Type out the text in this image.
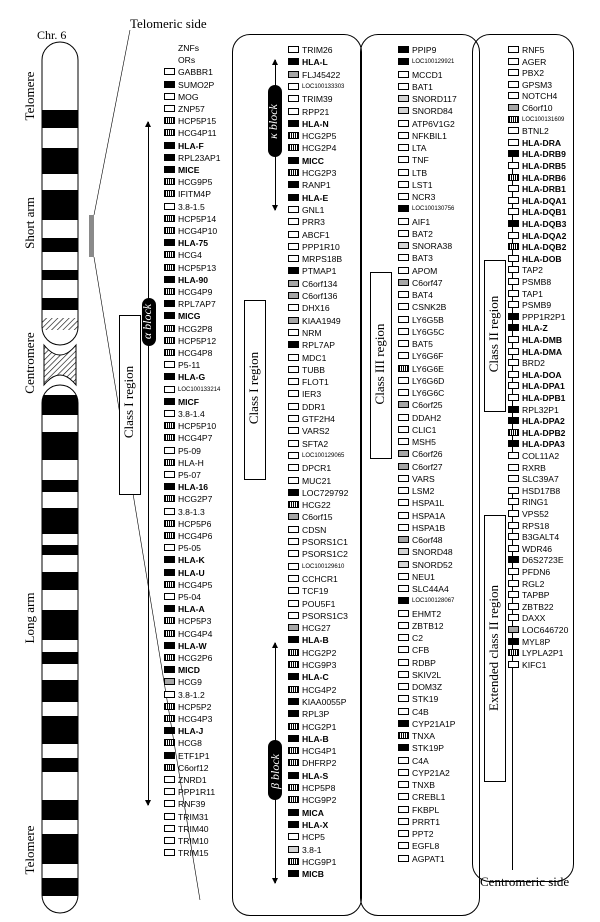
Chr. 6
Telomere
Short arm
Centromere
Long arm
Telomere
Telomeric side
Centromeric side
Class I region	Class I region	Class III region	Class II region
Extended class II region
α block
κ block
β block
ZNFs
ORs
GABBR1
SUMO2P
MOG
ZNP57
HCP5P15
HCG4P11
HLA-F
RPL23AP1
MICE
HCG9P5
IFITM4P
3.8-1.5
HCP5P14
HCG4P10
HLA-75
HCG4
HCP5P13
HLA-90
HCG4P9
RPL7AP7
MICG
HCG2P8
HCP5P12
HCG4P8
P5-11
HLA-G
LOC100133214
MICF
3.8-1.4
HCP5P10
HCG4P7
P5-09
HLA-H
P5-07
HLA-16
HCG2P7
3.8-1.3
HCP5P6
HCG4P6
P5-05
HLA-K
HLA-U
HCG4P5
P5-04
HLA-A
HCP5P3
HCG4P4
HLA-W
HCG2P6
MICD
HCG9
3.8-1.2
HCP5P2
HCG4P3
HLA-J
HCG8
ETF1P1
C6orf12
ZNRD1
PPP1R11
RNF39
TRIM31
TRIM40
TRIM10
TRIM15
TRIM26
HLA-L
FLJ45422
LOC100133303
TRIM39
RPP21
HLA-N
HCG2P5
HCG2P4
MICC
HCG2P3
RANP1
HLA-E
GNL1
PRR3
ABCF1
PPP1R10
MRPS18B
PTMAP1
C6orf134
C6orf136
DHX16
KIAA1949
NRM
RPL7AP
MDC1
TUBB
FLOT1
IER3
DDR1
GTF2H4
VARS2
SFTA2
LOC100129065
DPCR1
MUC21
LOC729792
HCG22
C6orf15
CDSN
PSORS1C1
PSORS1C2
LOC100129610
CCHCR1
TCF19
POU5F1
PSORS1C3
HCG27
HLA-B
HCG2P2
HCG9P3
HLA-C
HCG4P2
KIAA0055P
RPL3P
HCG2P1
HLA-B
HCG4P1
DHFRP2
HLA-S
HCP5P8
HCG9P2
MICA
HLA-X
HCP5
3.8-1
HCG9P1
MICB
PPIP9
LOC100129921
MCCD1
BAT1
SNORD117
SNORD84
ATP6V1G2
NFKBIL1
LTA
TNF
LTB
LST1
NCR3
LOC100130756
AIF1
BAT2
SNORA38
BAT3
APOM
C6orf47
BAT4
CSNK2B
LY6G5B
LY6G5C
BAT5
LY6G6F
LY6G6E
LY6G6D
LY6G6C
C6orf25
DDAH2
CLIC1
MSH5
C6orf26
C6orf27
VARS
LSM2
HSPA1L
HSPA1A
HSPA1B
C6orf48
SNORD48
SNORD52
NEU1
SLC44A4
LOC100128067
EHMT2
ZBTB12
C2
CFB
RDBP
SKIV2L
DOM3Z
STK19
C4B
CYP21A1P
TNXA
STK19P
C4A
CYP21A2
TNXB
CREBL1
FKBPL
PRRT1
PPT2
EGFL8
AGPAT1
RNF5
AGER
PBX2
GPSM3
NOTCH4
C6orf10
LOC100131609
BTNL2
HLA-DRA
HLA-DRB9
HLA-DRB5
HLA-DRB6
HLA-DRB1
HLA-DQA1
HLA-DQB1
HLA-DQB3
HLA-DQA2
HLA-DQB2
HLA-DOB
TAP2
PSMB8
TAP1
PSMB9
PPP1R2P1
HLA-Z
HLA-DMB
HLA-DMA
BRD2
HLA-DOA
HLA-DPA1
HLA-DPB1
RPL32P1
HLA-DPA2
HLA-DPB2
HLA-DPA3
COL11A2
RXRB
SLC39A7
HSD17B8
RING1
VPS52
RPS18
B3GALT4
WDR46
D6S2723E
PFDN6
RGL2
TAPBP
ZBTB22
DAXX
LOC646720
MYL8P
LYPLA2P1
KIFC1
